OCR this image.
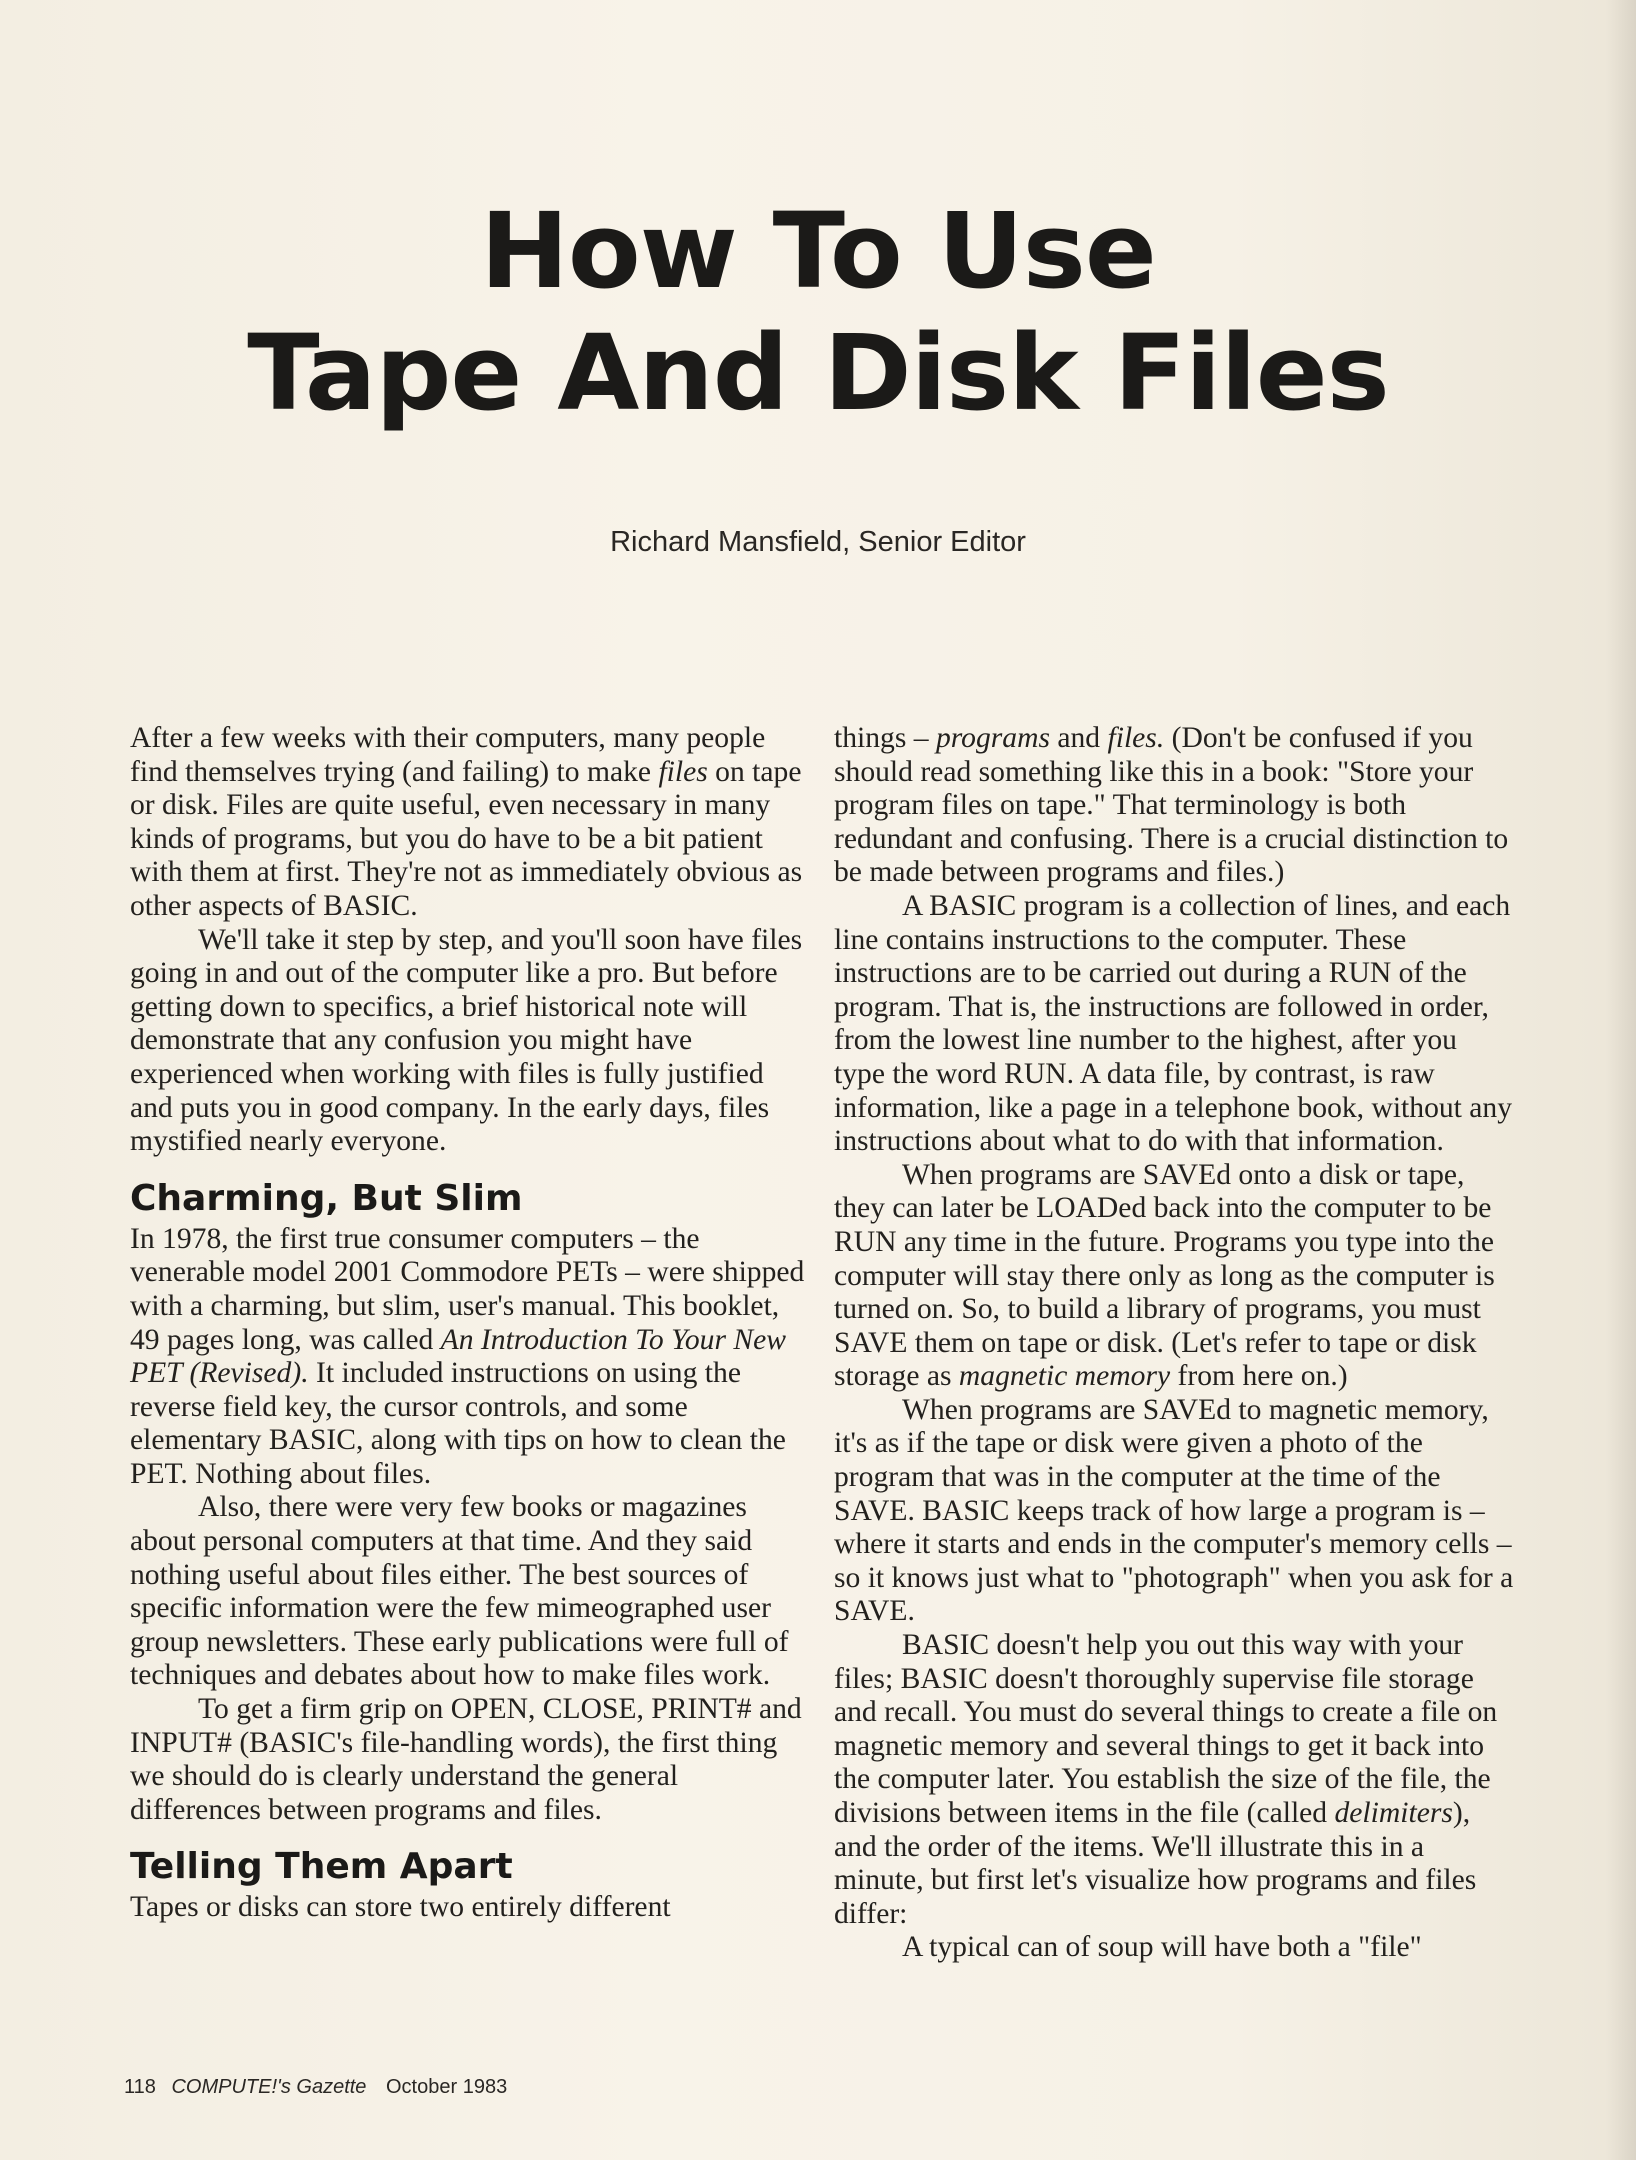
How To Use
Tape And Disk Files
Richard Mansfield, Senior Editor

After a few weeks with their computers, many people find themselves trying (and failing) to make files on tape or disk. Files are quite useful, even necessary in many kinds of programs, but you do have to be a bit patient with them at first. They're not as immediately obvious as other aspects of BASIC.

We'll take it step by step, and you'll soon have files going in and out of the computer like a pro. But before getting down to specifics, a brief historical note will demonstrate that any confusion you might have experienced when working with files is fully justified and puts you in good company. In the early days, files mystified nearly everyone.

Charming, But Slim

In 1978, the first true consumer computers – the venerable model 2001 Commodore PETs – were shipped with a charming, but slim, user's manual. This booklet, 49 pages long, was called An Introduction To Your New PET (Revised). It included instructions on using the reverse field key, the cursor controls, and some elementary BASIC, along with tips on how to clean the PET. Nothing about files.

Also, there were very few books or magazines about personal computers at that time. And they said nothing useful about files either. The best sources of specific information were the few mimeographed user group newsletters. These early publications were full of techniques and debates about how to make files work.

To get a firm grip on OPEN, CLOSE, PRINT# and INPUT# (BASIC's file-handling words), the first thing we should do is clearly understand the general differences between programs and files.

Telling Them Apart

Tapes or disks can store two entirely different

things – programs and files. (Don't be confused if you should read something like this in a book: "Store your program files on tape." That terminology is both redundant and confusing. There is a crucial distinction to be made between programs and files.)

A BASIC program is a collection of lines, and each line contains instructions to the computer. These instructions are to be carried out during a RUN of the program. That is, the instructions are followed in order, from the lowest line number to the highest, after you type the word RUN. A data file, by contrast, is raw information, like a page in a telephone book, without any instructions about what to do with that information.

When programs are SAVEd onto a disk or tape, they can later be LOADed back into the computer to be RUN any time in the future. Programs you type into the computer will stay there only as long as the computer is turned on. So, to build a library of programs, you must SAVE them on tape or disk. (Let's refer to tape or disk storage as magnetic memory from here on.)

When programs are SAVEd to magnetic memory, it's as if the tape or disk were given a photo of the program that was in the computer at the time of the SAVE. BASIC keeps track of how large a program is – where it starts and ends in the computer's memory cells – so it knows just what to "photograph" when you ask for a SAVE.

BASIC doesn't help you out this way with your files; BASIC doesn't thoroughly supervise file storage and recall. You must do several things to create a file on magnetic memory and several things to get it back into the computer later. You establish the size of the file, the divisions between items in the file (called delimiters), and the order of the items. We'll illustrate this in a minute, but first let's visualize how programs and files differ:

A typical can of soup will have both a "file"

118 COMPUTE!'s Gazette October 1983
